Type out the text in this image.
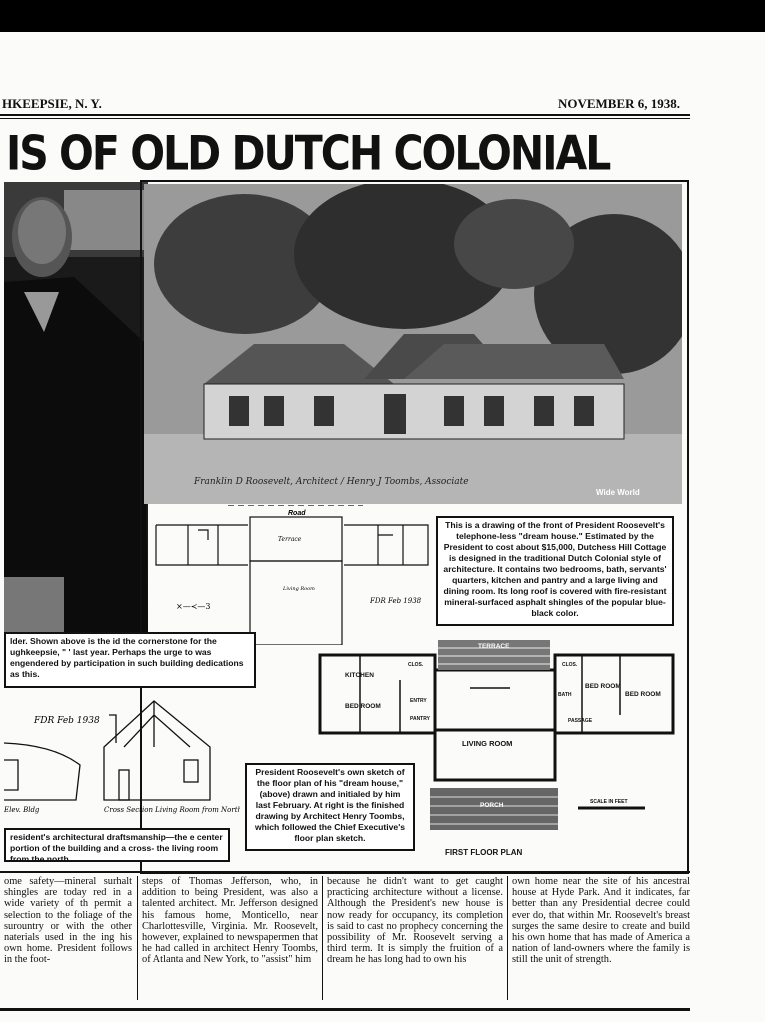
HKEEPSIE, N. Y.	NOVEMBER 6, 1938.
IS OF OLD DUTCH COLONIAL
Franklin D Roosevelt, Architect / Henry J Toombs, Associate
Wide World
Road
Terrace
Living Room
FDR Feb 1938
×—≺—3
This is a drawing of the front of President Roosevelt's telephone-less "dream house." Estimated by the President to cost about $15,000, Dutchess Hill Cottage is designed in the traditional Dutch Colonial style of architecture. It contains two bedrooms, bath, servants' quarters, kitchen and pantry and a large living and dining room. Its long roof is covered with fire-resistant mineral-surfaced asphalt shingles of the popular blue-black color.
KITCHEN
TERRACE
LIVING ROOM
PORCH
BED ROOM
BED ROOM
BED ROOM
PANTRY
ENTRY
PASSAGE
CLOS.	CLOS.
BATH
SCALE IN FEET
FIRST FLOOR PLAN
FDR Feb 1938
Elev. Bldg	Cross Section Living Room from North
lder. Shown above is the id the cornerstone for the ughkeepsie, " ' last year. Perhaps the urge to was engendered by participation in such building dedications as this.
President Roosevelt's own sketch of the floor plan of his "dream house," (above) drawn and initialed by him last February. At right is the finished drawing by Architect Henry Toombs, which followed the Chief Executive's floor plan sketch.
resident's architectural draftsmanship—the e center portion of the building and a cross- the living room from the north.
ome safety—mineral surhalt shingles are today red in a wide variety of th permit a selection to the foliage of the surountry or with the other naterials used in the ing his own home. President follows in the foot-
steps of Thomas Jefferson, who, in addition to being President, was also a talented architect. Mr. Jefferson designed his famous home, Monticello, near Charlottesville, Virginia. Mr. Roosevelt, however, explained to newspapermen that he had called in architect Henry Toombs, of Atlanta and New York, to "assist" him
because he didn't want to get caught practicing architecture without a license. Although the President's new house is now ready for occupancy, its completion is said to cast no prophecy concerning the possibility of Mr. Roosevelt serving a third term. It is simply the fruition of a dream he has long had to own his
own home near the site of his ancestral house at Hyde Park. And it indicates, far better than any Presidential decree could ever do, that within Mr. Roosevelt's breast surges the same desire to create and build his own home that has made of America a nation of land-owners where the family is still the unit of strength.
